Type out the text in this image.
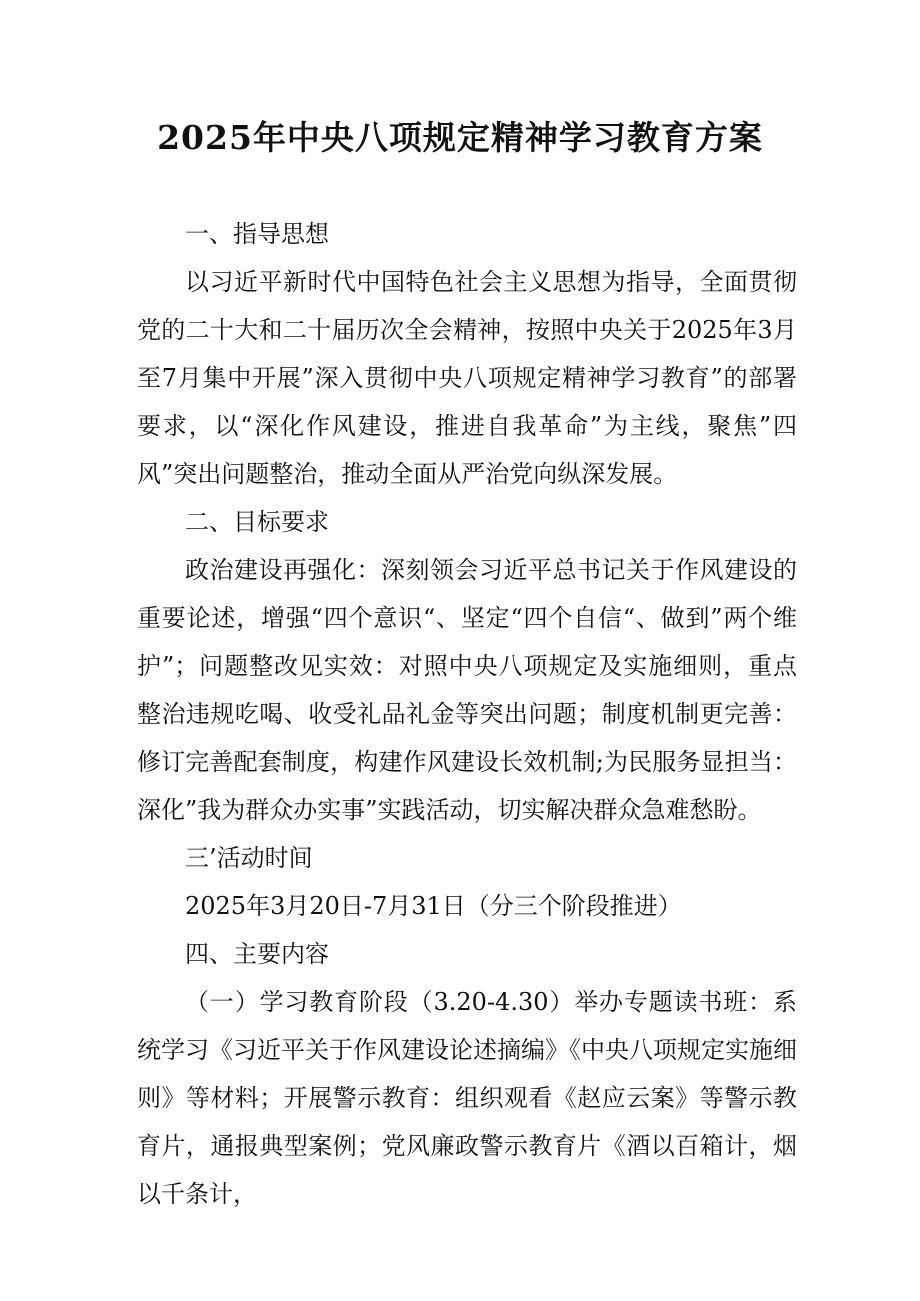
2025年中央八项规定精神学习教育方案

一、指导思想

以习近平新时代中国特色社会主义思想为指导，全面贯彻党的二十大和二十届历次全会精神，按照中央关于2025年3月至7月集中开展”深入贯彻中央八项规定精神学习教育”的部署要求，以“深化作风建设，推进自我革命”为主线，聚焦”四风”突出问题整治，推动全面从严治党向纵深发展。

二、目标要求

政治建设再强化：深刻领会习近平总书记关于作风建设的重要论述，增强“四个意识“、坚定“四个自信“、做到”两个维护”；问题整改见实效：对照中央八项规定及实施细则，重点整治违规吃喝、收受礼品礼金等突出问题；制度机制更完善：修订完善配套制度，构建作风建设长效机制;为民服务显担当：深化”我为群众办实事”实践活动，切实解决群众急难愁盼。

三’活动时间

2025年3月20日-7月31日（分三个阶段推进）

四、主要内容

（一）学习教育阶段（3.20-4.30）举办专题读书班：系统学习《习近平关于作风建设论述摘编》《中央八项规定实施细则》等材料；开展警示教育：组织观看《赵应云案》等警示教育片，通报典型案例；党风廉政警示教育片《酒以百箱计，烟以千条计，
